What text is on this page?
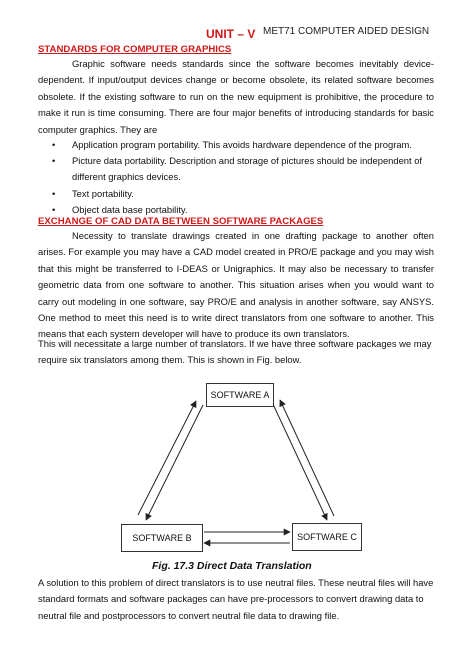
UNIT – V MET71 COMPUTER AIDED DESIGN
STANDARDS FOR COMPUTER GRAPHICS

Graphic software needs standards since the software becomes inevitably device-dependent. If input/output devices change or become obsolete, its related software becomes obsolete. If the existing software to run on the new equipment is prohibitive, the procedure to make it run is time consuming. There are four major benefits of introducing standards for basic computer graphics. They are

• Application program portability. This avoids hardware dependence of the program.
• Picture data portability. Description and storage of pictures should be independent of different graphics devices.
• Text portability.
• Object data base portability.
EXCHANGE OF CAD DATA BETWEEN SOFTWARE PACKAGES

Necessity to translate drawings created in one drafting package to another often arises. For example you may have a CAD model created in PRO/E package and you may wish that this might be transferred to I-DEAS or Unigraphics. It may also be necessary to transfer geometric data from one software to another. This situation arises when you would want to carry out modeling in one software, say PRO/E and analysis in another software, say ANSYS. One method to meet this need is to write direct translators from one software to another. This means that each system developer will have to produce its own translators.

This will necessitate a large number of translators. If we have three software packages we may require six translators among them. This is shown in Fig. below.

SOFTWARE A
SOFTWARE B	SOFTWARE C
Fig. 17.3 Direct Data Translation

A solution to this problem of direct translators is to use neutral files. These neutral files will have standard formats and software packages can have pre-processors to convert drawing data to neutral file and postprocessors to convert neutral file data to drawing file.
